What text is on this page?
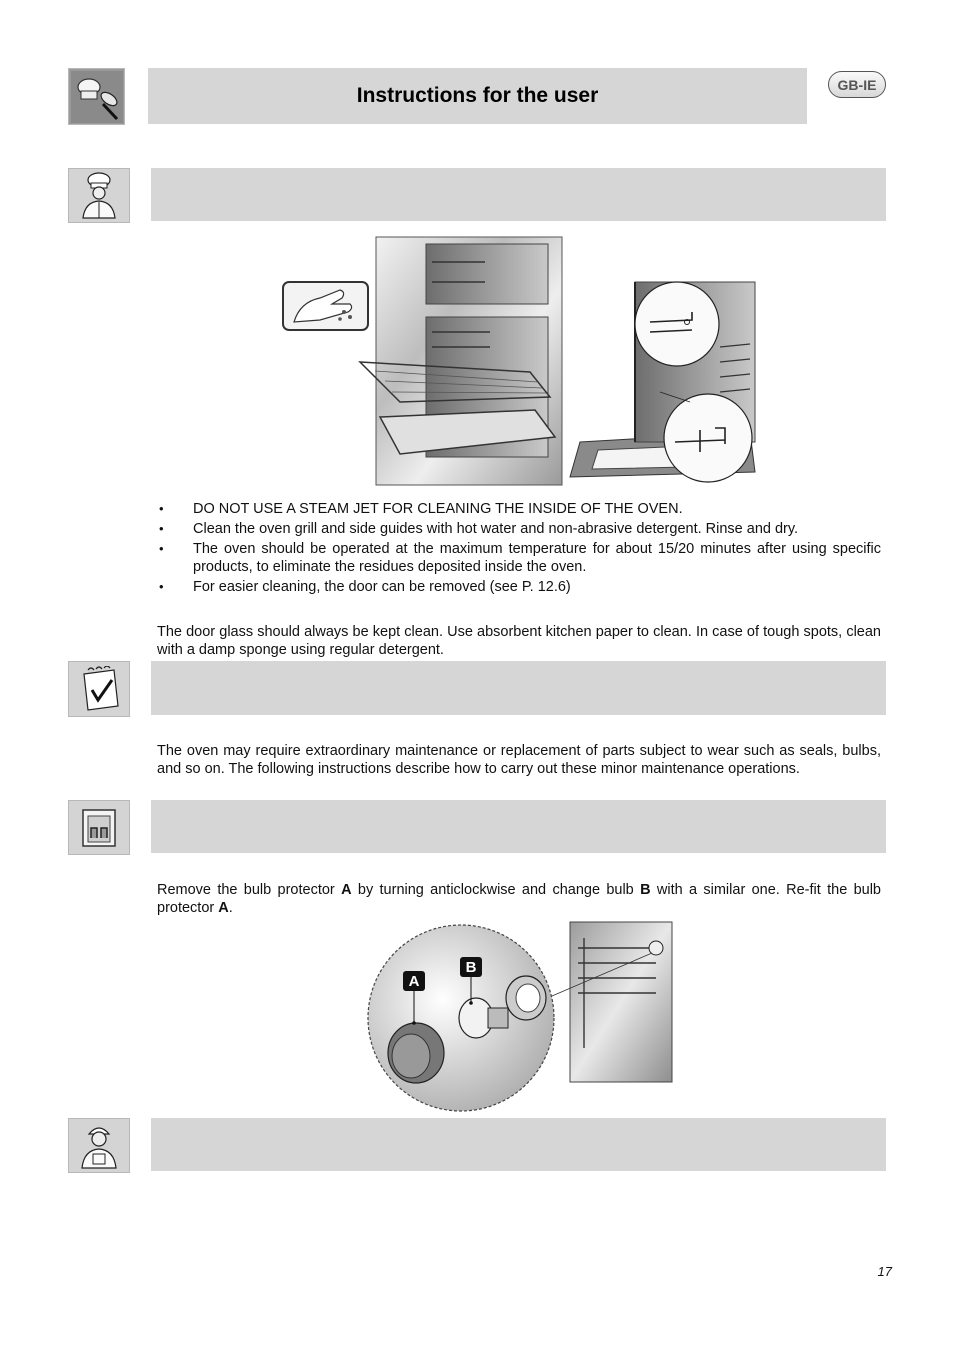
Instructions for the user	GB-IE
• DO NOT USE A STEAM JET FOR CLEANING THE INSIDE OF THE OVEN.
• Clean the oven grill and side guides with hot water and non-abrasive detergent. Rinse and dry.
• The oven should be operated at the maximum temperature for about 15/20 minutes after using specific products, to eliminate the residues deposited inside the oven.
• For easier cleaning, the door can be removed (see P. 12.6)
The door glass should always be kept clean. Use absorbent kitchen paper to clean. In case of tough spots, clean with a damp sponge using regular detergent.
The oven may require extraordinary maintenance or replacement of parts subject to wear such as seals, bulbs, and so on. The following instructions describe how to carry out these minor maintenance operations.
Remove the bulb protector A by turning anticlockwise and change bulb B with a similar one. Re-fit the bulb protector A.
A
B
17
